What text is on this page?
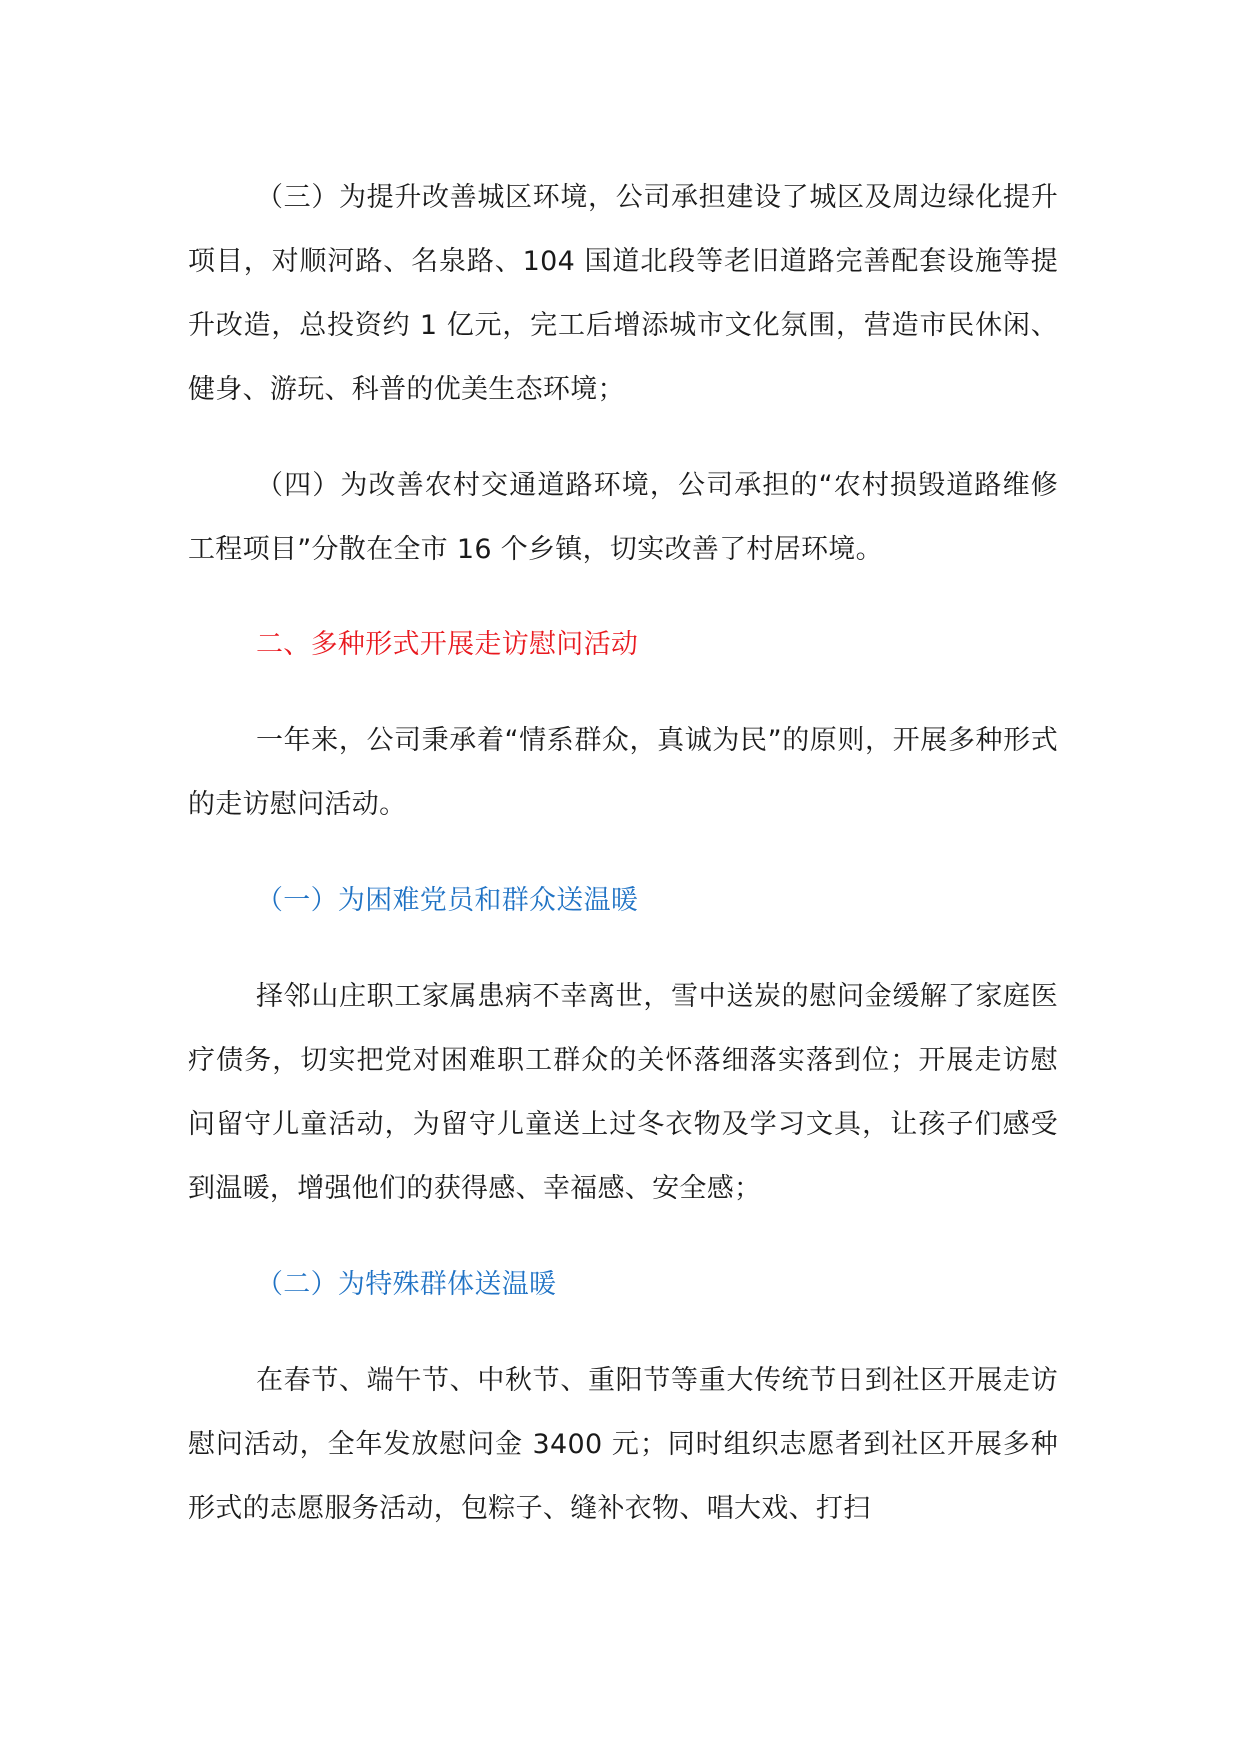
（三）为提升改善城区环境，公司承担建设了城区及周边绿化提升项目，对顺河路、名泉路、104 国道北段等老旧道路完善配套设施等提升改造，总投资约 1 亿元，完工后增添城市文化氛围，营造市民休闲、健身、游玩、科普的优美生态环境；

（四）为改善农村交通道路环境，公司承担的“农村损毁道路维修工程项目”分散在全市 16 个乡镇，切实改善了村居环境。

二、多种形式开展走访慰问活动

一年来，公司秉承着“情系群众，真诚为民”的原则，开展多种形式的走访慰问活动。

（一）为困难党员和群众送温暖

择邻山庄职工家属患病不幸离世，雪中送炭的慰问金缓解了家庭医疗债务，切实把党对困难职工群众的关怀落细落实落到位；开展走访慰问留守儿童活动，为留守儿童送上过冬衣物及学习文具，让孩子们感受到温暖，增强他们的获得感、幸福感、安全感；

（二）为特殊群体送温暖

在春节、端午节、中秋节、重阳节等重大传统节日到社区开展走访慰问活动，全年发放慰问金 3400 元；同时组织志愿者到社区开展多种形式的志愿服务活动，包粽子、缝补衣物、唱大戏、打扫
